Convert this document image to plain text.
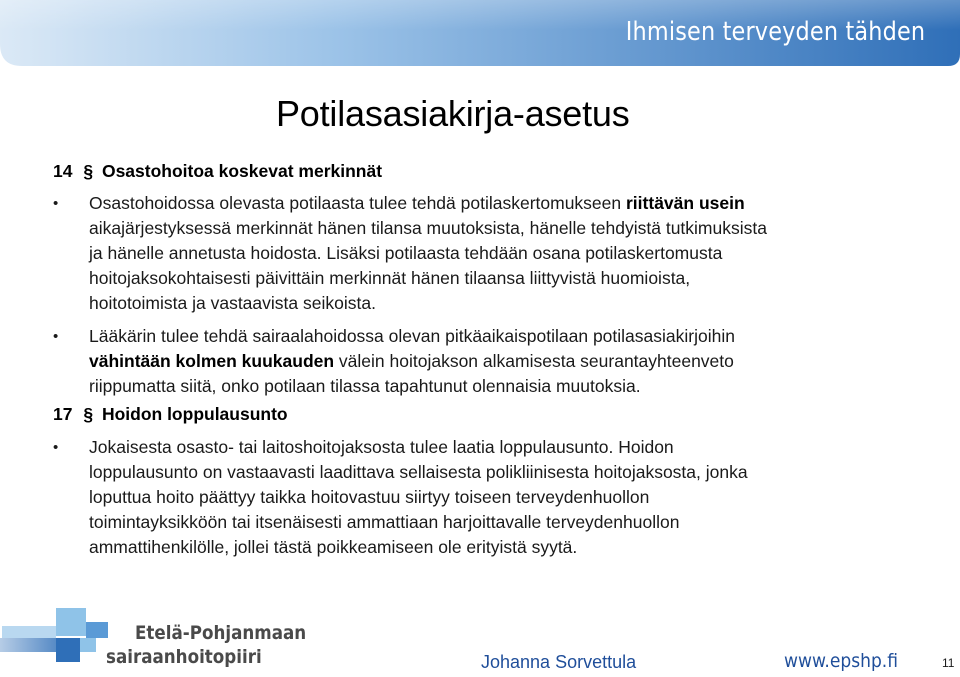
Ihmisen terveyden tähden
Potilasasiakirja-asetus
14 § Osastohoitoa koskevat merkinnät
• Osastohoidossa olevasta potilaasta tulee tehdä potilaskertomukseen riittävän usein
aikajärjestyksessä merkinnät hänen tilansa muutoksista, hänelle tehdyistä tutkimuksista
ja hänelle annetusta hoidosta. Lisäksi potilaasta tehdään osana potilaskertomusta
hoitojaksokohtaisesti päivittäin merkinnät hänen tilaansa liittyvistä huomioista,
hoitotoimista ja vastaavista seikoista.
• Lääkärin tulee tehdä sairaalahoidossa olevan pitkäaikaispotilaan potilasasiakirjoihin
vähintään kolmen kuukauden välein hoitojakson alkamisesta seurantayhteenveto
riippumatta siitä, onko potilaan tilassa tapahtunut olennaisia muutoksia.
17 § Hoidon loppulausunto
• Jokaisesta osasto- tai laitoshoitojaksosta tulee laatia loppulausunto. Hoidon
loppulausunto on vastaavasti laadittava sellaisesta polikliinisesta hoitojaksosta, jonka
loputtua hoito päättyy taikka hoitovastuu siirtyy toiseen terveydenhuollon
toimintayksikköön tai itsenäisesti ammattiaan harjoittavalle terveydenhuollon
ammattihenkilölle, jollei tästä poikkeamiseen ole erityistä syytä.
Etelä-Pohjanmaan
sairaanhoitopiiri	Johanna Sorvettula	www.epshp.fi	11
